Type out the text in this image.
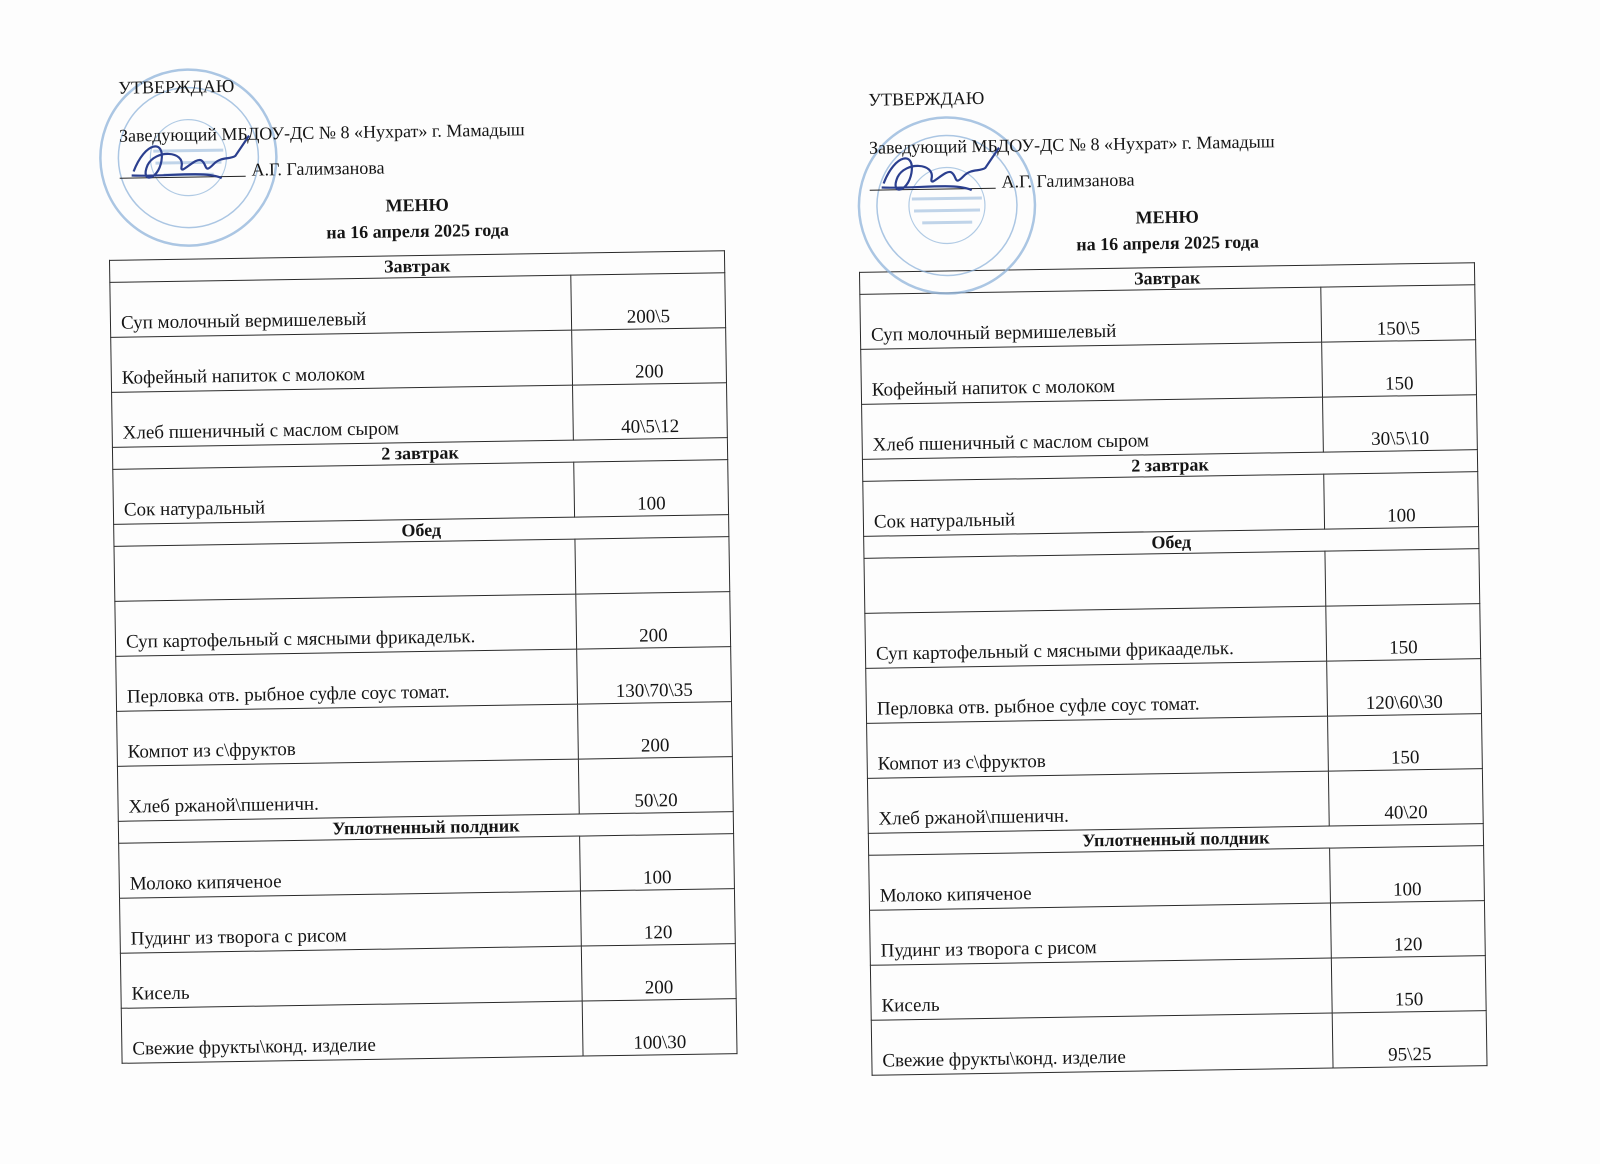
УТВЕРЖДАЮ
Заведующий МБДОУ-ДС № 8 «Нухрат» г. Мамадыш
А.Г. Галимзанова
МЕНЮ
на 16 апреля 2025 года
Завтрак	
Суп молочный вермишелевый	200\5
Кофейный напиток с молоком	200
Хлеб пшеничный с маслом сыром	40\5\12
2 завтрак	
Сок натуральный	100
Обед	

Суп картофельный с мясными фрикадельк.	200
Перловка отв. рыбное суфле соус томат.	130\70\35
Компот из с\фруктов	200
Хлеб ржаной\пшеничн.	50\20
Уплотненный полдник	
Молоко кипяченое	100
Пудинг из творога с рисом	120
Кисель	200
Свежие фрукты\конд. изделие	100\30
УТВЕРЖДАЮ
Заведующий МБДОУ-ДС № 8 «Нухрат» г. Мамадыш
А.Г. Галимзанова
МЕНЮ
на 16 апреля 2025 года
Завтрак	
Суп молочный вермишелевый	150\5
Кофейный напиток с молоком	150
Хлеб пшеничный с маслом сыром	30\5\10
2 завтрак	
Сок натуральный	100
Обед	

Суп картофельный с мясными фрикаадельк.	150
Перловка отв. рыбное суфле соус томат.	120\60\30
Компот из с\фруктов	150
Хлеб ржаной\пшеничн.	40\20
Уплотненный полдник	
Молоко кипяченое	100
Пудинг из творога с рисом	120
Кисель	150
Свежие фрукты\конд. изделие	95\25
